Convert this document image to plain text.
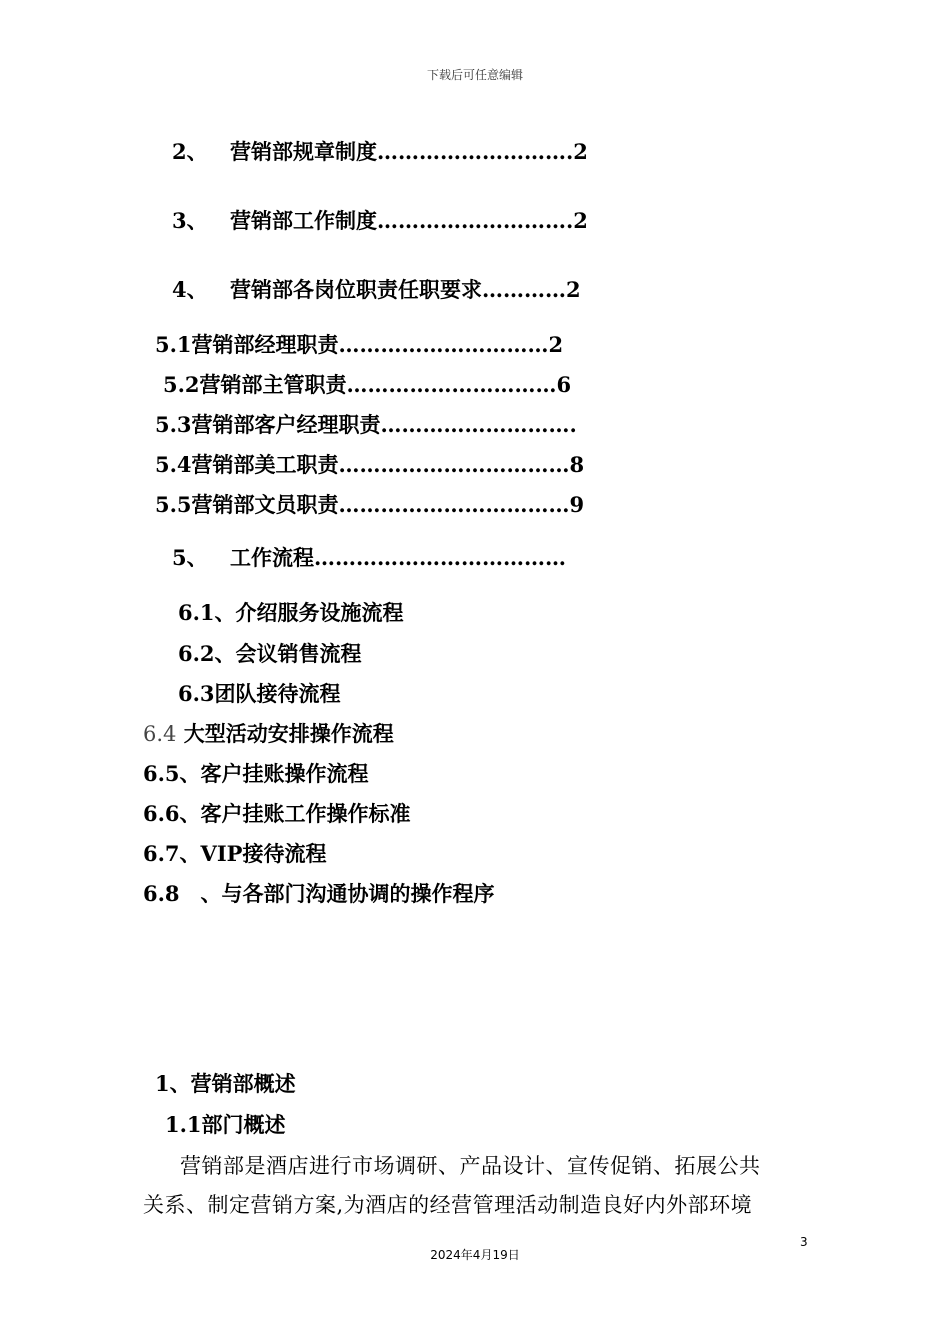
下载后可任意编辑
2、 营销部规章制度……………………….2
3、 营销部工作制度……………………….2
4、 营销部各岗位职责任职要求…………2
5.1营销部经理职责…………………………2
5.2营销部主管职责…………………………6
5.3营销部客户经理职责……………………….
5.4营销部美工职责……………………………8
5.5营销部文员职责……………………………9
5、 工作流程………………………………
6.1、介绍服务设施流程
6.2、会议销售流程
6.3团队接待流程
6.4 大型活动安排操作流程
6.5、客户挂账操作流程
6.6、客户挂账工作操作标准
6.7、VIP接待流程
6.8　、与各部门沟通协调的操作程序
1、营销部概述
1.1部门概述
营销部是酒店进行市场调研、产品设计、宣传促销、拓展公共
关系、制定营销方案,为酒店的经营管理活动制造良好内外部环境
3
2024年4月19日
